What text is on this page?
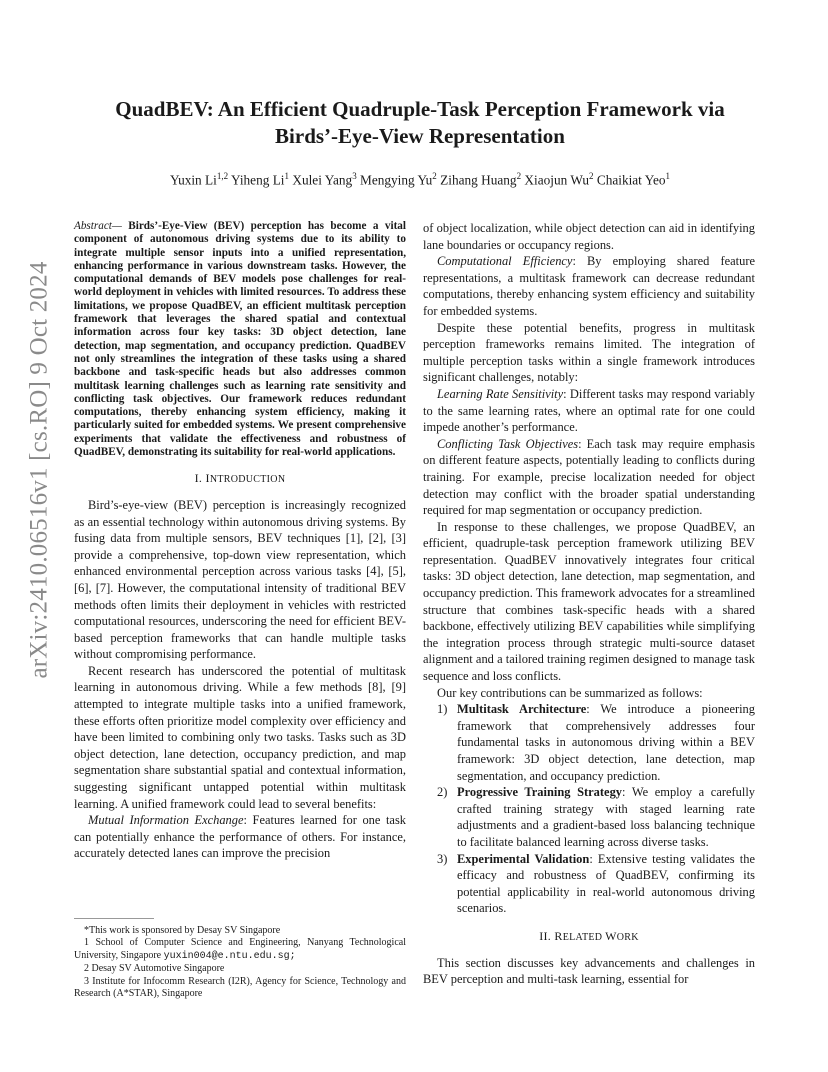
arXiv:2410.06516v1 [cs.RO] 9 Oct 2024
QuadBEV: An Efficient Quadruple-Task Perception Framework via
Birds’-Eye-View Representation
Yuxin Li$^{1,2}$ Yiheng Li$^1$ Xulei Yang$^3$ Mengying Yu$^2$ Zihang Huang$^2$ Xiaojun Wu$^2$ Chaikiat Yeo$^1$

Abstract— Birds’-Eye-View (BEV) perception has become a vital component of autonomous driving systems due to its ability to integrate multiple sensor inputs into a unified representation, enhancing performance in various downstream tasks. However, the computational demands of BEV models pose challenges for real-world deployment in vehicles with limited resources. To address these limitations, we propose QuadBEV, an efficient multitask perception framework that leverages the shared spatial and contextual information across four key tasks: 3D object detection, lane detection, map segmentation, and occupancy prediction. QuadBEV not only streamlines the integration of these tasks using a shared backbone and task-specific heads but also addresses common multitask learning challenges such as learning rate sensitivity and conflicting task objectives. Our framework reduces redundant computations, thereby enhancing system efficiency, making it particularly suited for embedded systems. We present comprehensive experiments that validate the effectiveness and robustness of QuadBEV, demonstrating its suitability for real-world applications.

I. INTRODUCTION

Bird’s-eye-view (BEV) perception is increasingly recognized as an essential technology within autonomous driving systems. By fusing data from multiple sensors, BEV techniques [1], [2], [3] provide a comprehensive, top-down view representation, which enhanced environmental perception across various tasks [4], [5], [6], [7]. However, the computational intensity of traditional BEV methods often limits their deployment in vehicles with restricted computational resources, underscoring the need for efficient BEV-based perception frameworks that can handle multiple tasks without compromising performance.

Recent research has underscored the potential of multitask learning in autonomous driving. While a few methods [8], [9] attempted to integrate multiple tasks into a unified framework, these efforts often prioritize model complexity over efficiency and have been limited to combining only two tasks. Tasks such as 3D object detection, lane detection, occupancy prediction, and map segmentation share substantial spatial and contextual information, suggesting significant untapped potential within multitask learning. A unified framework could lead to several benefits:

Mutual Information Exchange: Features learned for one task can potentially enhance the performance of others. For instance, accurately detected lanes can improve the precision

of object localization, while object detection can aid in identifying lane boundaries or occupancy regions.

Computational Efficiency: By employing shared feature representations, a multitask framework can decrease redundant computations, thereby enhancing system efficiency and suitability for embedded systems.

Despite these potential benefits, progress in multitask perception frameworks remains limited. The integration of multiple perception tasks within a single framework introduces significant challenges, notably:

Learning Rate Sensitivity: Different tasks may respond variably to the same learning rates, where an optimal rate for one could impede another’s performance.

Conflicting Task Objectives: Each task may require emphasis on different feature aspects, potentially leading to conflicts during training. For example, precise localization needed for object detection may conflict with the broader spatial understanding required for map segmentation or occupancy prediction.

In response to these challenges, we propose QuadBEV, an efficient, quadruple-task perception framework utilizing BEV representation. QuadBEV innovatively integrates four critical tasks: 3D object detection, lane detection, map segmentation, and occupancy prediction. This framework advocates for a streamlined structure that combines task-specific heads with a shared backbone, effectively utilizing BEV capabilities while simplifying the integration process through strategic multi-source dataset alignment and a tailored training regimen designed to manage task sequence and loss conflicts.

Our key contributions can be summarized as follows:

1) Multitask Architecture: We introduce a pioneering framework that comprehensively addresses four fundamental tasks in autonomous driving within a BEV framework: 3D object detection, lane detection, map segmentation, and occupancy prediction.
2) Progressive Training Strategy: We employ a carefully crafted training strategy with staged learning rate adjustments and a gradient-based loss balancing technique to facilitate balanced learning across diverse tasks.
3) Experimental Validation: Extensive testing validates the efficacy and robustness of QuadBEV, confirming its potential applicability in real-world autonomous driving scenarios.
II. RELATED WORK

This section discusses key advancements and challenges in BEV perception and multi-task learning, essential for

*This work is sponsored by Desay SV Singapore

1 School of Computer Science and Engineering, Nanyang Technological University, Singapore yuxin004@e.ntu.edu.sg;

2 Desay SV Automotive Singapore

3 Institute for Infocomm Research (I2R), Agency for Science, Technology and Research (A*STAR), Singapore
